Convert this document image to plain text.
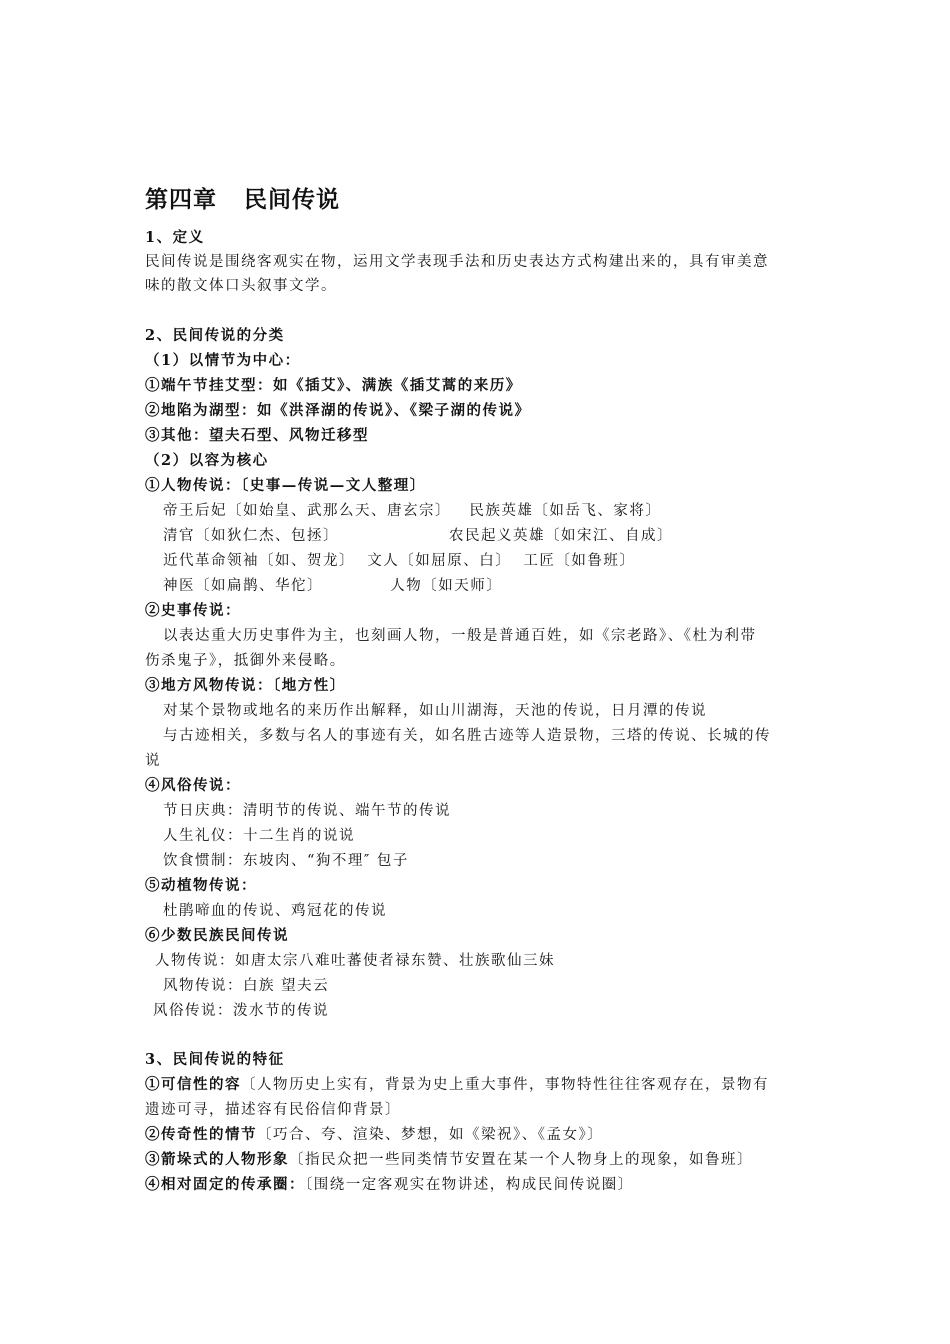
第四章   民间传说
1、定义
民间传说是围绕客观实在物，运用文学表现手法和历史表达方式构建出来的，具有审美意
味的散文体口头叙事文学。
2、民间传说的分类
（1）以情节为中心：
①端午节挂艾型：如《插艾》、满族《插艾蒿的来历》
②地陷为湖型：如《洪泽湖的传说》、《梁子湖的传说》
③其他：望夫石型、风物迁移型
（2）以容为核心
①人物传说：〔史事—传说—文人整理〕
帝王后妃〔如始皇、武那么天、唐玄宗〕   民族英雄〔如岳飞、家将〕
清官〔如狄仁杰、包拯〕                  农民起义英雄〔如宋江、自成〕
近代革命领袖〔如、贺龙〕  文人〔如屈原、白〕  工匠〔如鲁班〕
神医〔如扁鹊、华佗〕           人物〔如天师〕
②史事传说：
以表达重大历史事件为主，也刻画人物，一般是普通百姓，如《宗老路》、《杜为利带
伤杀鬼子》，抵御外来侵略。
③地方风物传说：〔地方性〕
对某个景物或地名的来历作出解释，如山川湖海，天池的传说，日月潭的传说
与古迹相关，多数与名人的事迹有关，如名胜古迹等人造景物，三塔的传说、长城的传
说
④风俗传说：
节日庆典：清明节的传说、端午节的传说
人生礼仪：十二生肖的说说
饮食惯制：东坡肉、“狗不理″ 包子
⑤动植物传说：
杜鹃啼血的传说、鸡冠花的传说
⑥少数民族民间传说
人物传说：如唐太宗八难吐蕃使者禄东赞、壮族歌仙三妹
风物传说：白族 望夫云
风俗传说：泼水节的传说
3、民间传说的特征
①可信性的容〔人物历史上实有，背景为史上重大事件，事物特性往往客观存在，景物有
遗迹可寻，描述容有民俗信仰背景〕
②传奇性的情节〔巧合、夸、渲染、梦想，如《梁祝》、《孟女》〕
③箭垛式的人物形象〔指民众把一些同类情节安置在某一个人物身上的现象，如鲁班〕
④相对固定的传承圈：〔围绕一定客观实在物讲述，构成民间传说圈〕
